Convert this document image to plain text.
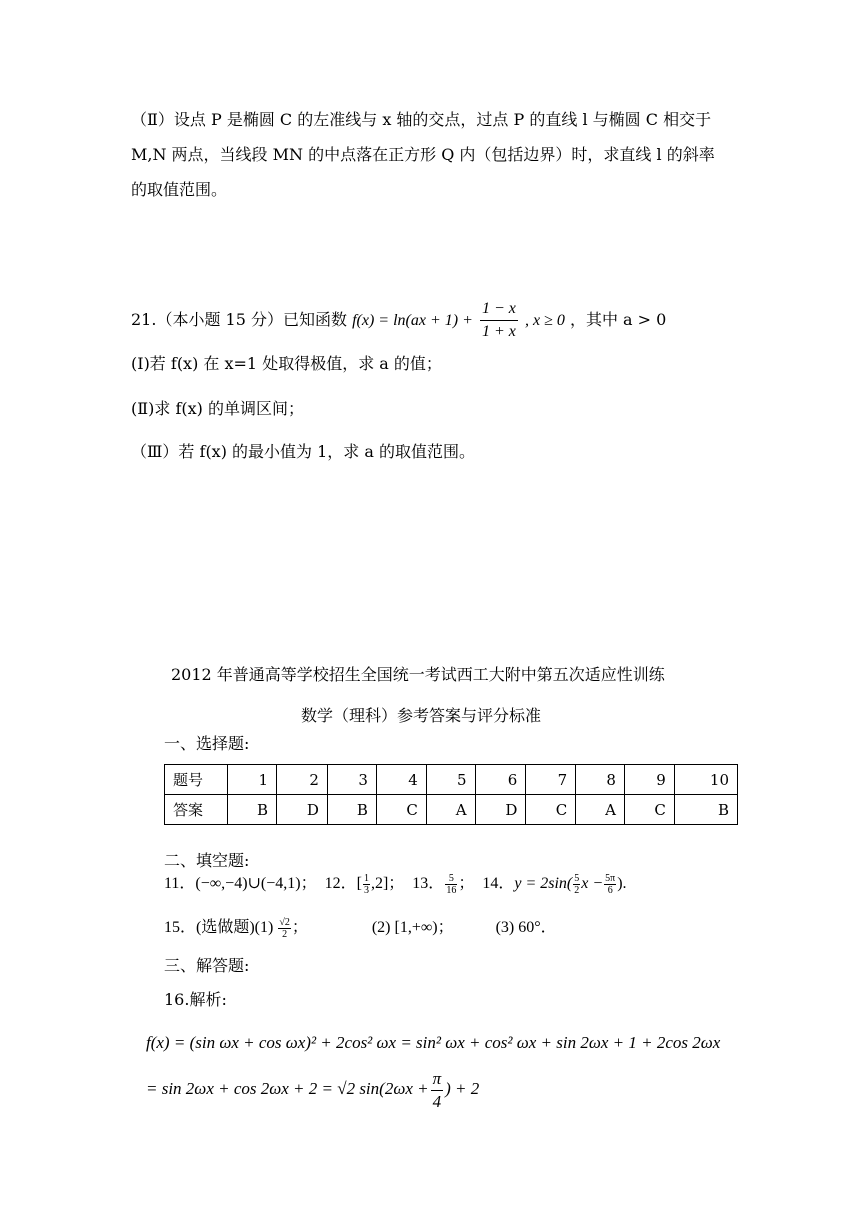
（Ⅱ）设点 P 是椭圆 C 的左准线与 x 轴的交点，过点 P 的直线 l 与椭圆 C 相交于
M,N 两点，当线段 MN 的中点落在正方形 Q 内（包括边界）时，求直线 l 的斜率
的取值范围。
21.（本小题 15 分）已知函数 $f(x) = \ln(ax + 1) + \frac{1 - x}{1 + x}$ , x ≥ 0 ，其中 a > 0
(Ⅰ)若 f(x) 在 x=1 处取得极值，求 a 的值；
(Ⅱ)求 f(x) 的单调区间；
（Ⅲ）若 f(x) 的最小值为 1，求 a 的取值范围。
2012 年普通高等学校招生全国统一考试西工大附中第五次适应性训练
数学（理科）参考答案与评分标准
一、选择题:
题号	1	2	3	4	5	6	7	8	9	10
答案	B	D	B	C	A	D	C	A	C	B
二、填空题:
11．(−∞,−4)∪(−4,1)； 12．[ $\frac{1}{3} ,2$]； 13． $\frac{5}{16}$ ； 14．$y = 2\sin( \frac{5}{2}$ $x - \frac{5\pi}{6}$ ).
15．(选做题)$(1) \frac{√2}{2}$ ；	(2) [1,+∞)；	(3) 60°．
三、解答题:
16.解析:
f(x) = (sin ωx + cos ωx)² + 2cos² ωx = sin² ωx + cos² ωx + sin 2ωx + 1 + 2cos 2ωx
= sin 2ωx + cos 2ωx + 2 = √2 $\sin(2\omega x + \frac{\pi}{4}$ ) + 2
